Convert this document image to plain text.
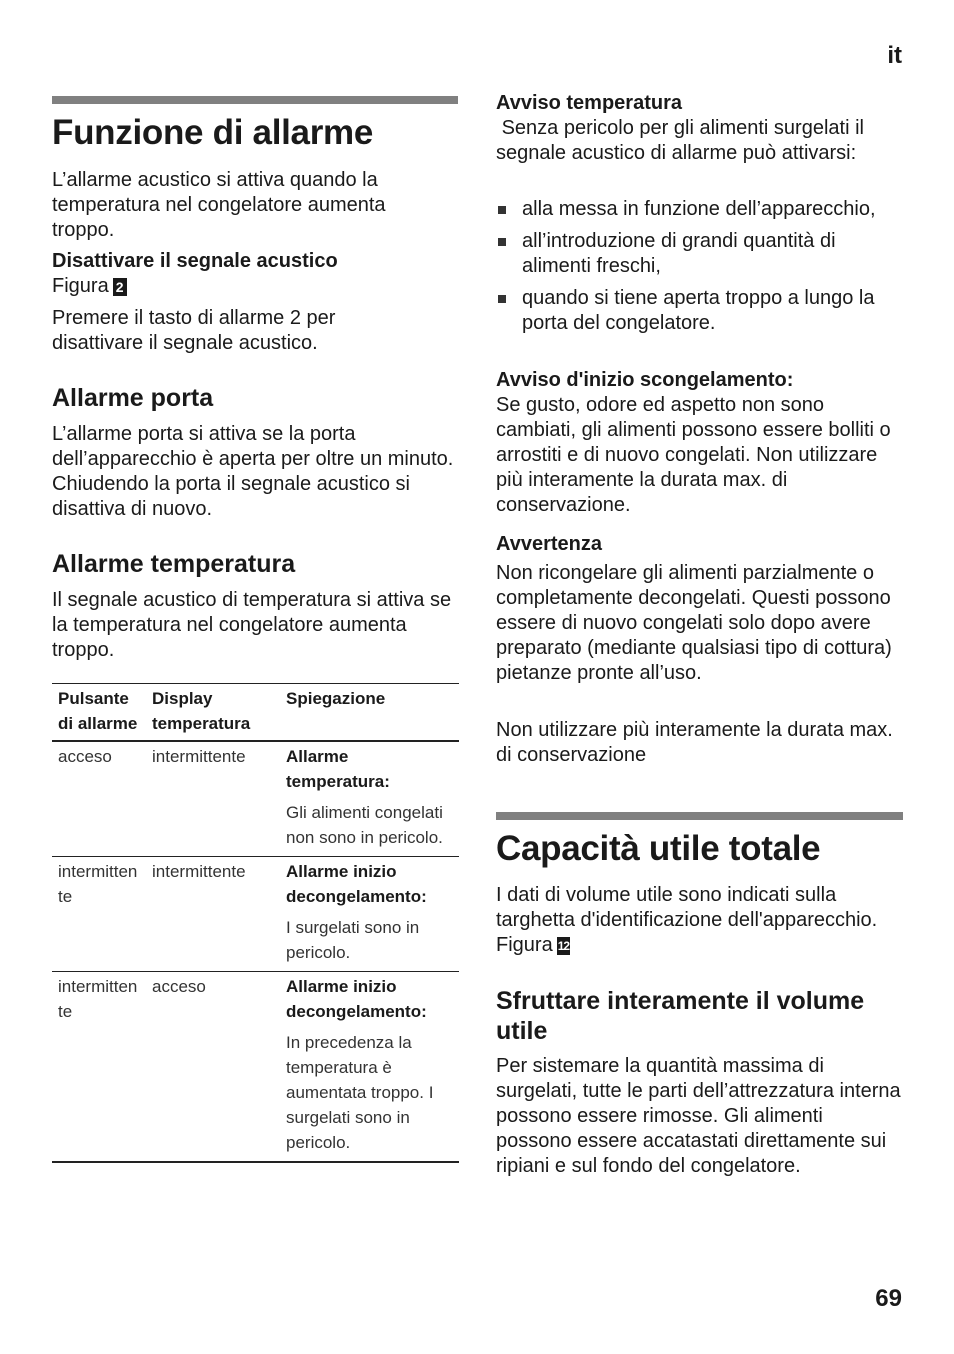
it
Funzione di allarme

L’allarme acustico si attiva quando la temperatura nel congelatore aumenta troppo.

Disattivare il segnale acustico

Figura 2

Premere il tasto di allarme 2 per disattivare il segnale acustico.

Allarme porta

L’allarme porta si attiva se la porta dell’apparecchio è aperta per oltre un minuto. Chiudendo la porta il segnale acustico si disattiva di nuovo.

Allarme temperatura

Il segnale acustico di temperatura si attiva se la temperatura nel congelatore aumenta troppo.

Pulsante di allarme	Display temperatura	Spiegazione
acceso	intermittente	Allarme temperatura:
Gli alimenti congelati non sono in pericolo.

intermittente	intermittente	Allarme inizio decongelamento:
I surgelati sono in pericolo.

intermittente	acceso	Allarme inizio decongelamento:
In precedenza la temperatura è aumentata troppo. I surgelati sono in pericolo.

Avviso temperatura

Senza pericolo per gli alimenti surgelati il segnale acustico di allarme può attivarsi:

alla messa in funzione dell’apparecchio,
all’introduzione di grandi quantità di alimenti freschi,
quando si tiene aperta troppo a lungo la porta del congelatore.

Avviso d'inizio scongelamento:

Se gusto, odore ed aspetto non sono cambiati, gli alimenti possono essere bolliti o arrostiti e di nuovo congelati. Non utilizzare più interamente la durata max. di conservazione.

Avvertenza

Non ricongelare gli alimenti parzialmente o completamente decongelati. Questi possono essere di nuovo congelati solo dopo avere preparato (mediante qualsiasi tipo di cottura) pietanze pronte all’uso.

Non utilizzare più interamente la durata max. di conservazione

Capacità utile totale

I dati di volume utile sono indicati sulla targhetta d'identificazione dell'apparecchio. Figura 12

Sfruttare interamente il volume utile

Per sistemare la quantità massima di surgelati, tutte le parti dell’attrezzatura interna possono essere rimosse. Gli alimenti possono essere accatastati direttamente sui ripiani e sul fondo del congelatore.

69
